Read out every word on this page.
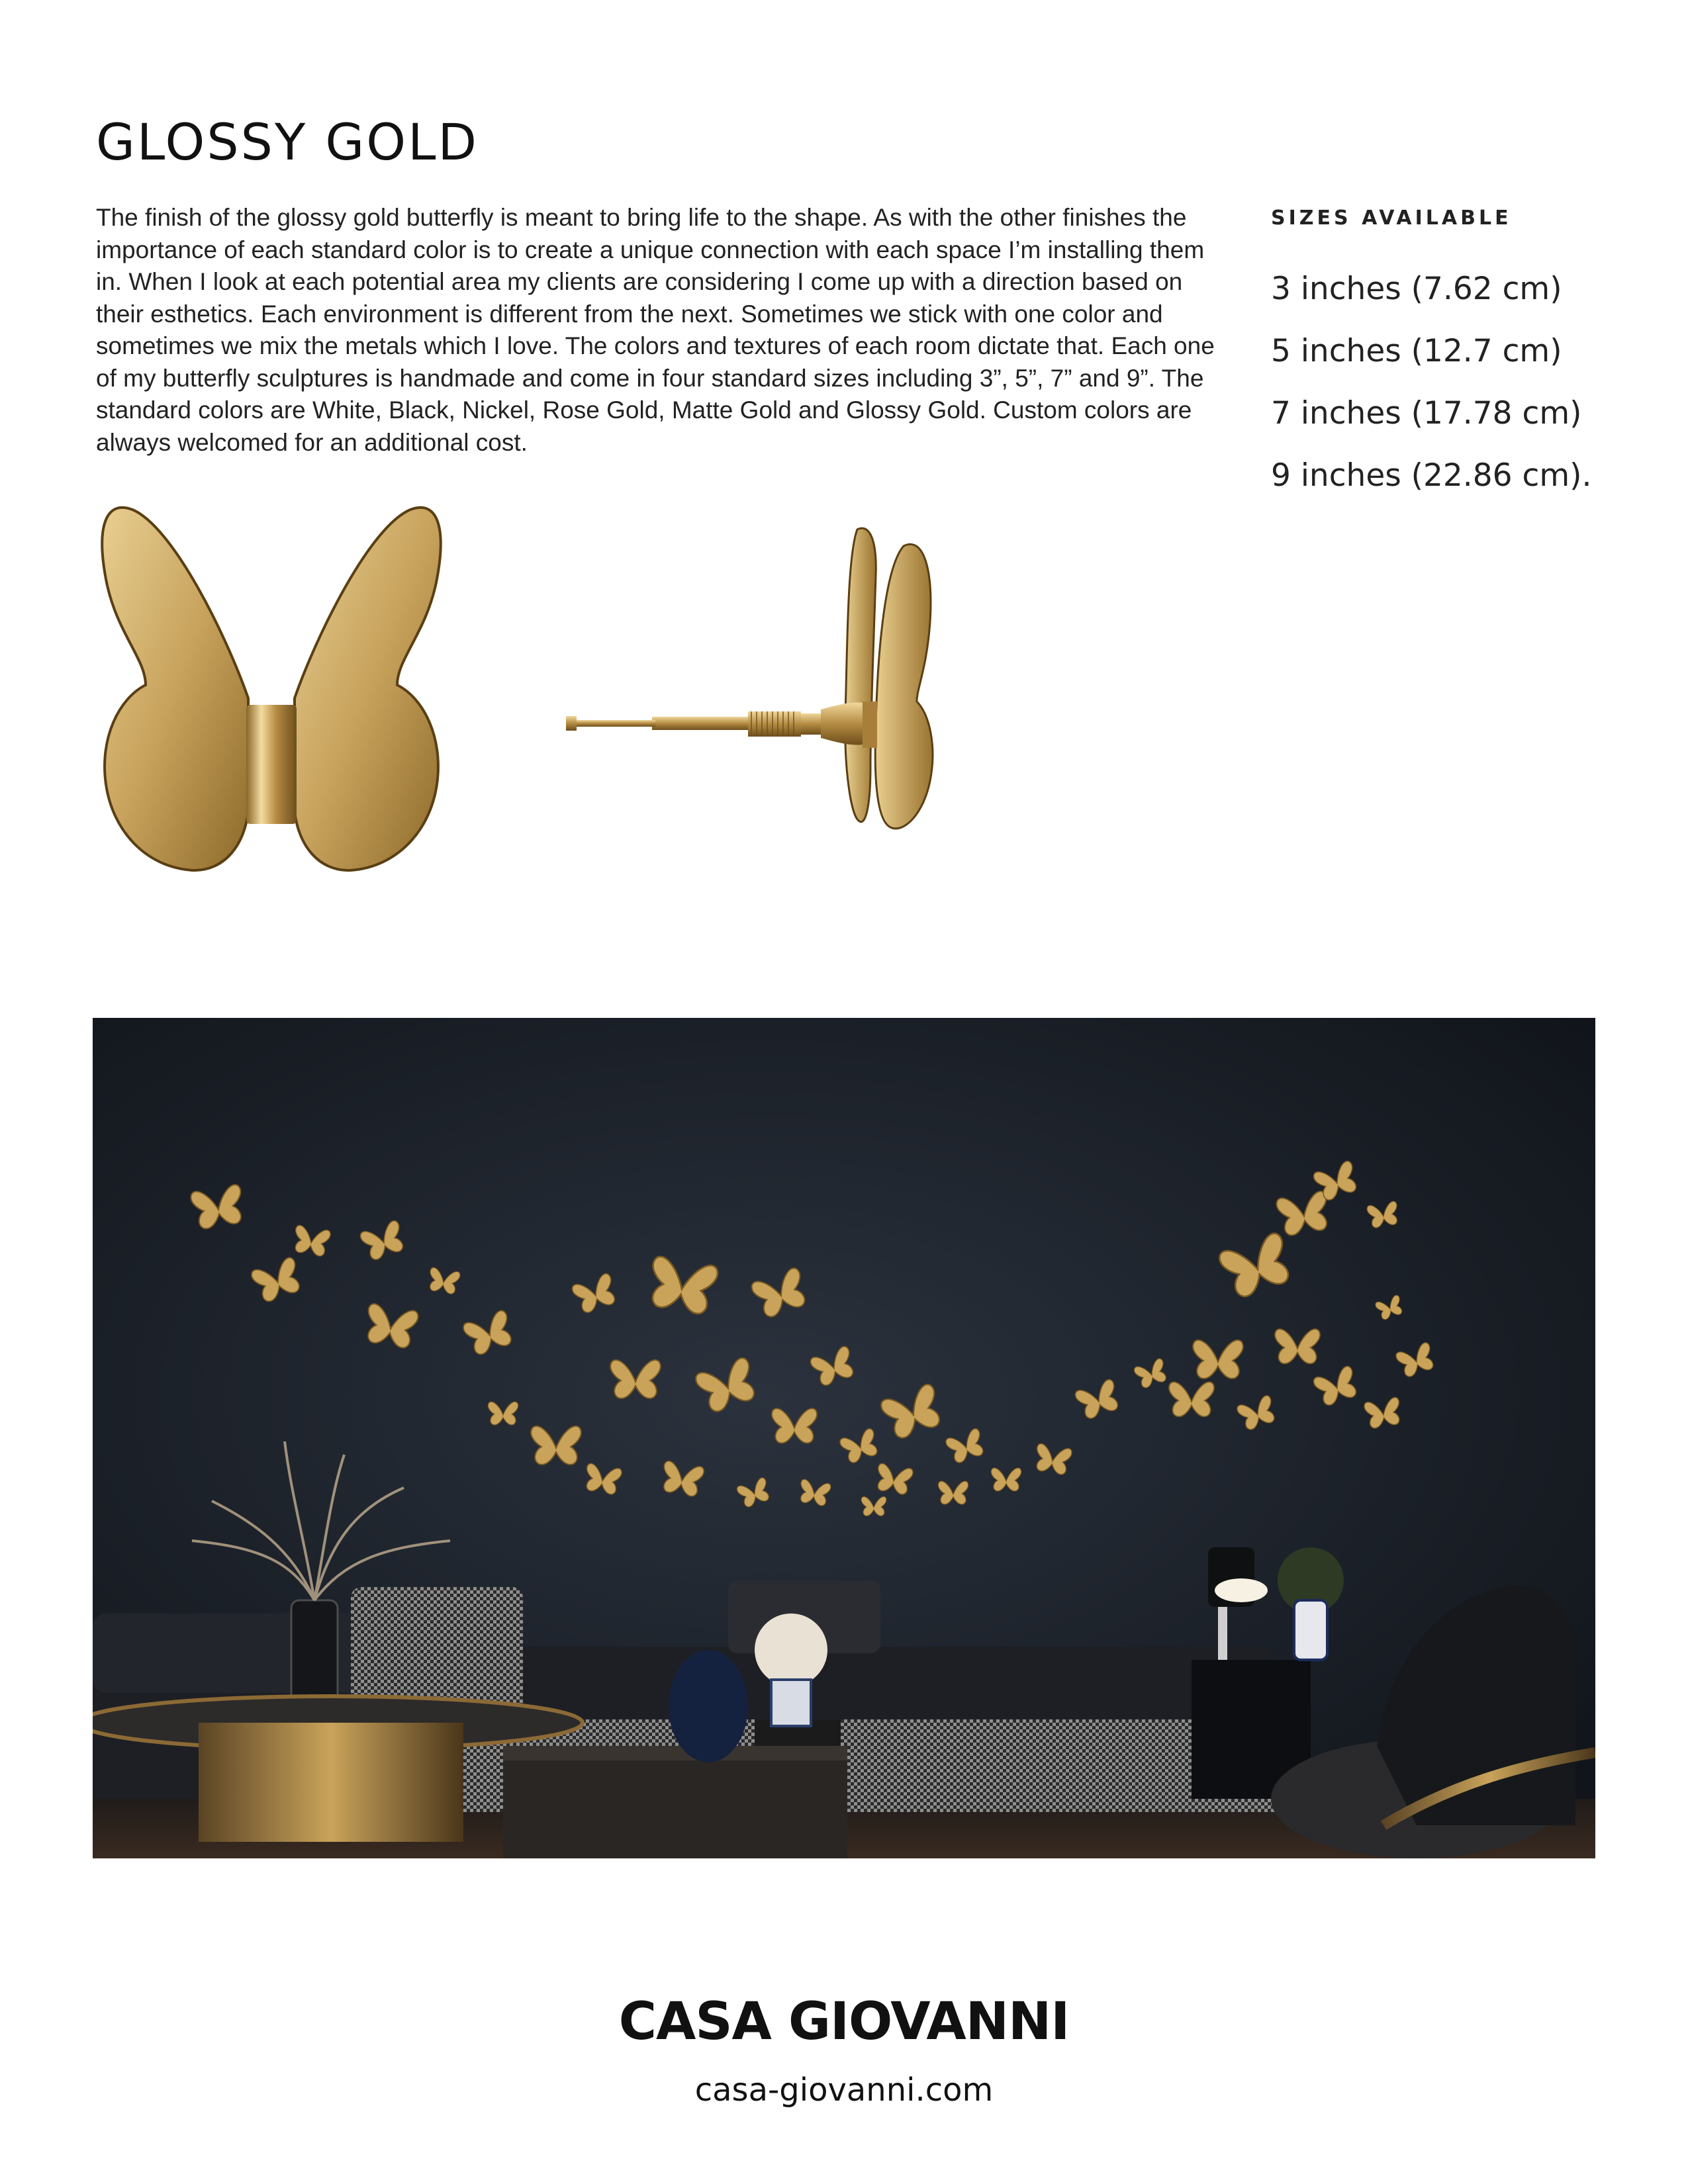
GLOSSY GOLD

The finish of the glossy gold butterfly is meant to bring life to the shape. As with the other finishes the importance of each standard color is to create a unique connection with each space I’m installing them in. When I look at each potential area my clients are considering I come up with a direction based on their esthetics. Each environment is different from the next. Sometimes we stick with one color and sometimes we mix the metals which I love. The colors and textures of each room dictate that. Each one of my butterfly sculptures is handmade and come in four standard sizes including 3”, 5”, 7” and 9”. The standard colors are White, Black, Nickel, Rose Gold, Matte Gold and Glossy Gold. Custom colors are always welcomed for an additional cost.

SIZES AVAILABLE
3 inches (7.62 cm)
5 inches (12.7 cm)
7 inches (17.78 cm)
9 inches (22.86 cm).
CASA GIOVANNI
casa-giovanni.com
